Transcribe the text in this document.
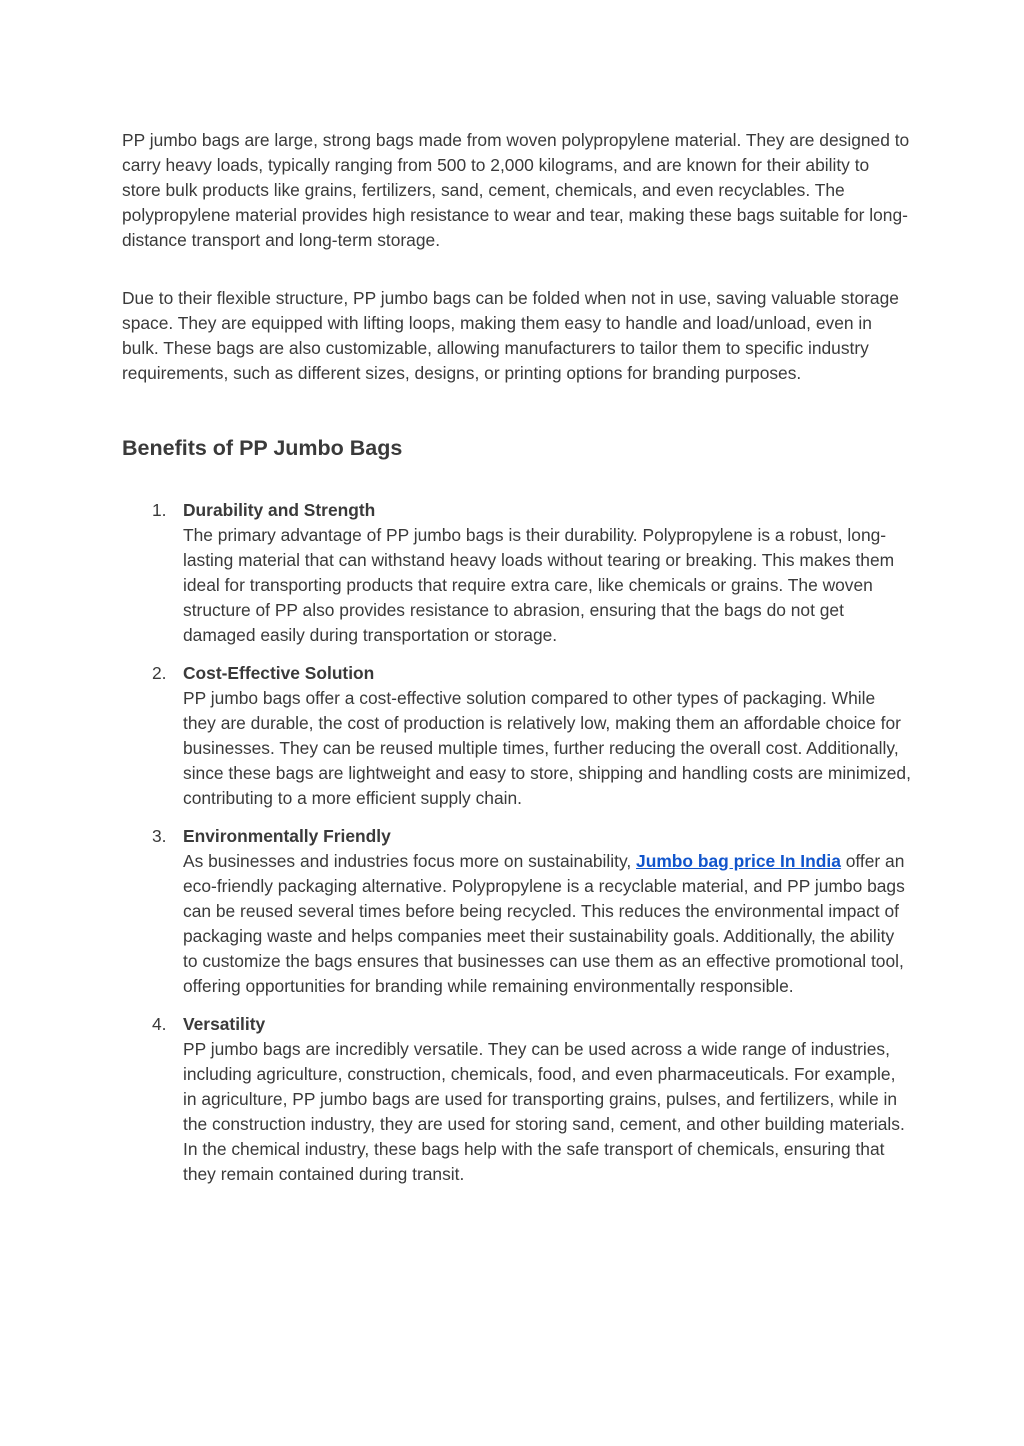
PP jumbo bags are large, strong bags made from woven polypropylene material. They are designed to carry heavy loads, typically ranging from 500 to 2,000 kilograms, and are known for their ability to store bulk products like grains, fertilizers, sand, cement, chemicals, and even recyclables. The polypropylene material provides high resistance to wear and tear, making these bags suitable for long-distance transport and long-term storage.

Due to their flexible structure, PP jumbo bags can be folded when not in use, saving valuable storage space. They are equipped with lifting loops, making them easy to handle and load/unload, even in bulk. These bags are also customizable, allowing manufacturers to tailor them to specific industry requirements, such as different sizes, designs, or printing options for branding purposes.

Benefits of PP Jumbo Bags
1. Durability and Strength
The primary advantage of PP jumbo bags is their durability. Polypropylene is a robust, long-lasting material that can withstand heavy loads without tearing or breaking. This makes them ideal for transporting products that require extra care, like chemicals or grains. The woven structure of PP also provides resistance to abrasion, ensuring that the bags do not get damaged easily during transportation or storage.
2. Cost-Effective Solution
PP jumbo bags offer a cost-effective solution compared to other types of packaging. While they are durable, the cost of production is relatively low, making them an affordable choice for businesses. They can be reused multiple times, further reducing the overall cost. Additionally, since these bags are lightweight and easy to store, shipping and handling costs are minimized, contributing to a more efficient supply chain.
3. Environmentally Friendly
As businesses and industries focus more on sustainability, Jumbo bag price In India offer an eco-friendly packaging alternative. Polypropylene is a recyclable material, and PP jumbo bags can be reused several times before being recycled. This reduces the environmental impact of packaging waste and helps companies meet their sustainability goals. Additionally, the ability to customize the bags ensures that businesses can use them as an effective promotional tool, offering opportunities for branding while remaining environmentally responsible.
4. Versatility
PP jumbo bags are incredibly versatile. They can be used across a wide range of industries, including agriculture, construction, chemicals, food, and even pharmaceuticals. For example, in agriculture, PP jumbo bags are used for transporting grains, pulses, and fertilizers, while in the construction industry, they are used for storing sand, cement, and other building materials. In the chemical industry, these bags help with the safe transport of chemicals, ensuring that they remain contained during transit.
